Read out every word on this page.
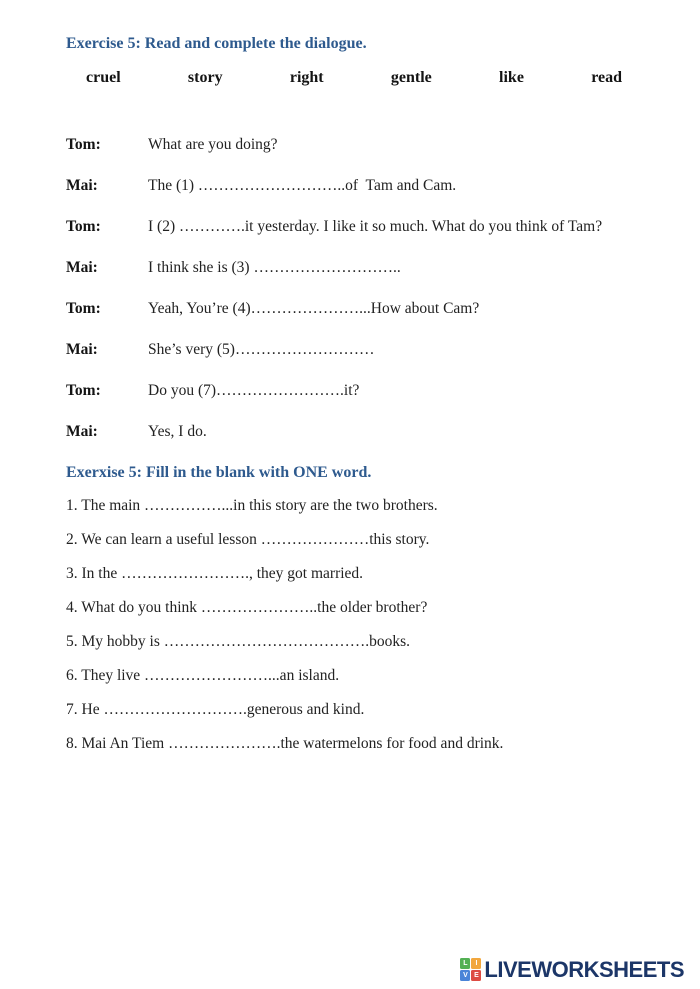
Exercise 5: Read and complete the dialogue.
cruel	story	right	gentle	like	read
Tom:	What are you doing?
Mai:	The (1) ………………………..of  Tam and Cam.
Tom:	I (2) ………….it yesterday. I like it so much. What do you think of Tam?
Mai:	I think she is (3) ………………………..
Tom:	Yeah, You’re (4)…………………...How about Cam?
Mai:	She’s very (5)………………………
Tom:	Do you (7)…………………….it?
Mai:	Yes, I do.
Exerxise 5: Fill in the blank with ONE word.
1. The main ……………...in this story are the two brothers.
2. We can learn a useful lesson …………………this story.
3. In the ……………………., they got married.
4. What do you think …………………..the older brother?
5. My hobby is ………………………………….books.
6. They live ……………………...an island.
7. He ……………………….generous and kind.
8. Mai An Tiem ………………….the watermelons for food and drink.
L	I
V E LIVEWORKSHEETS
